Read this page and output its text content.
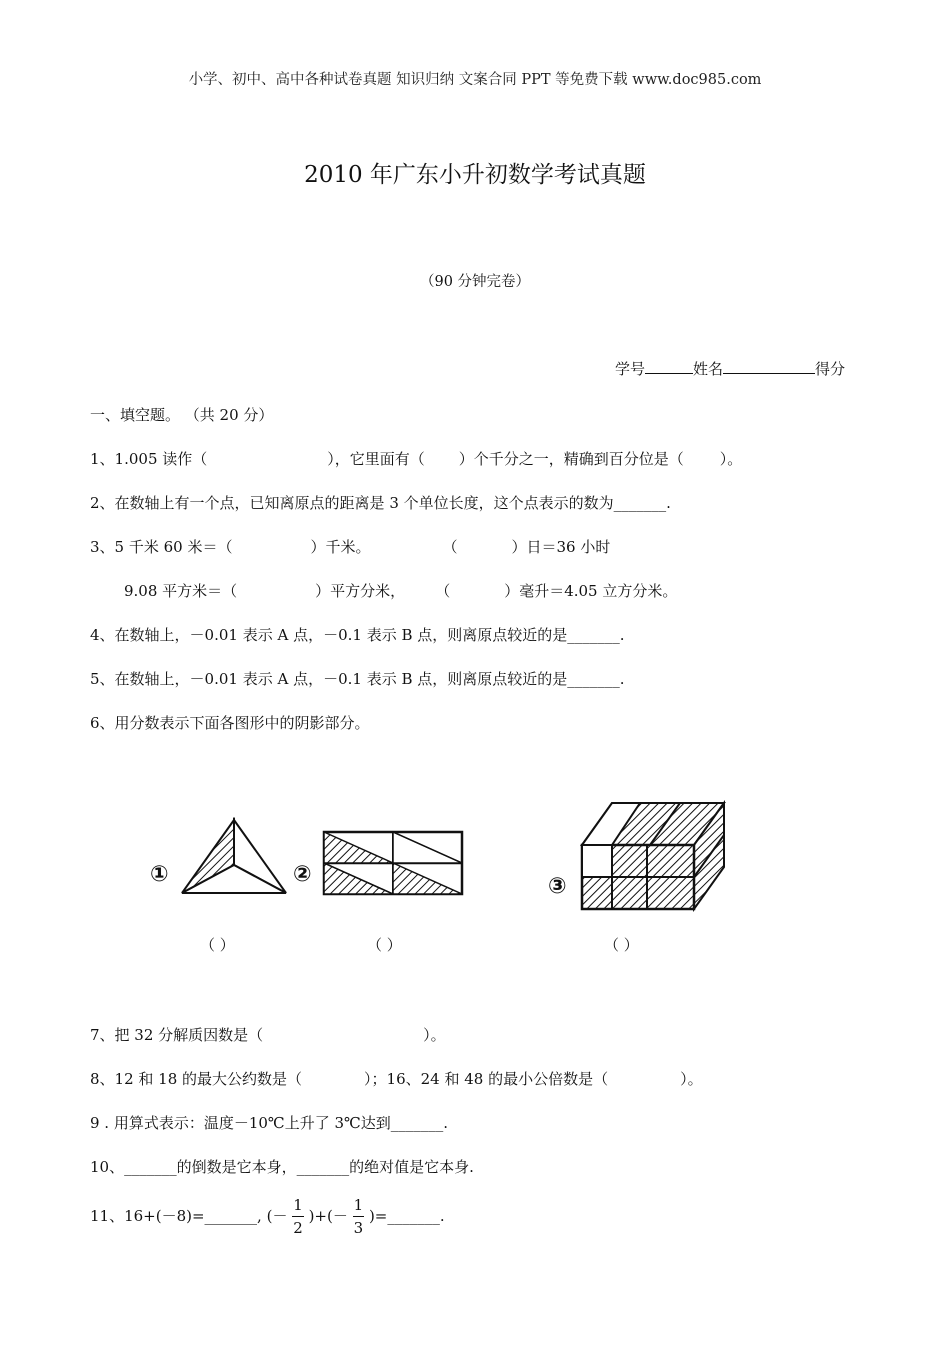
小学、初中、高中各种试卷真题 知识归纳 文案合同 PPT 等免费下载 www.doc985.com
2010 年广东小升初数学考试真题
（90 分钟完卷）
学号	姓名	得分
一、填空题。 （共 20 分）
1、1.005 读作（	），它里面有（ ）个千分之一，精确到百分位是（ ）。
2、在数轴上有一个点，已知离原点的距离是 3 个单位长度，这个点表示的数为_______.
3、5 千米 60 米＝（	）千米。	（	）日＝36 小时
9.08 平方米＝（	）平方分米， （	）毫升＝4.05 立方分米。
4、在数轴上，－0.01 表示 A 点，－0.1 表示 B 点，则离原点较近的是_______.
5、在数轴上，－0.01 表示 A 点，－0.1 表示 B 点，则离原点较近的是_______.
6、用分数表示下面各图形中的阴影部分。
①	②	③
（ ）	（ ）	（ ）
7、把 32 分解质因数是（	）。
8、12 和 18 的最大公约数是（	）；16、24 和 48 的最小公倍数是（	）。
9 . 用算式表示：温度－10℃上升了 3℃达到_______.
10、_______的倒数是它本身，_______的绝对值是它本身.
11、16+(－8)=_______, (－ $\frac{1}{2}$ )+(－ $\frac{1}{3}$ )=_______.
